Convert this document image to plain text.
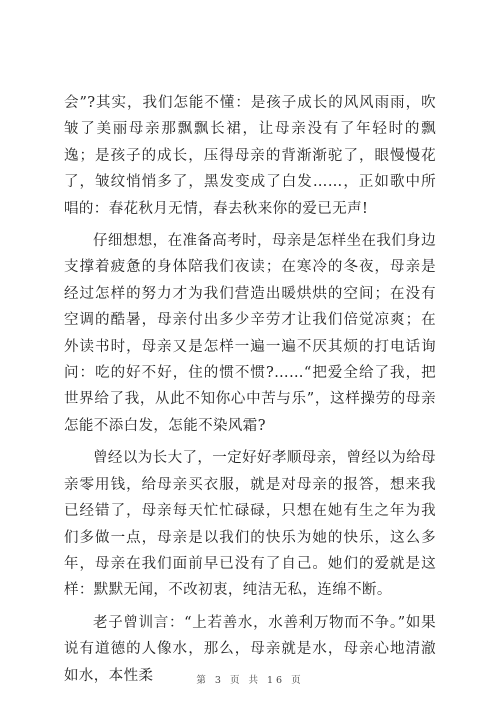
会”?其实，我们怎能不懂：是孩子成长的风风雨雨，吹皱了美丽母亲那飘飘长裙，让母亲没有了年轻时的飘逸；是孩子的成长，压得母亲的背渐渐驼了，眼慢慢花了，皱纹悄悄多了，黑发变成了白发……，正如歌中所唱的：春花秋月无情，春去秋来你的爱已无声!

仔细想想，在准备高考时，母亲是怎样坐在我们身边支撑着疲惫的身体陪我们夜读；在寒冷的冬夜，母亲是经过怎样的努力才为我们营造出暖烘烘的空间；在没有空调的酷暑，母亲付出多少辛劳才让我们倍觉凉爽；在外读书时，母亲又是怎样一遍一遍不厌其烦的打电话询问：吃的好不好，住的惯不惯?……“把爱全给了我，把世界给了我，从此不知你心中苦与乐”，这样操劳的母亲怎能不添白发，怎能不染风霜?

曾经以为长大了，一定好好孝顺母亲，曾经以为给母亲零用钱，给母亲买衣服，就是对母亲的报答，想来我已经错了，母亲每天忙忙碌碌，只想在她有生之年为我们多做一点，母亲是以我们的快乐为她的快乐，这么多年，母亲在我们面前早已没有了自己。她们的爱就是这样：默默无闻，不改初衷，纯洁无私，连绵不断。

老子曾训言：“上若善水，水善利万物而不争。”如果说有道德的人像水，那么，母亲就是水，母亲心地清澈如水，本性柔	第 3 页 共 16 页
